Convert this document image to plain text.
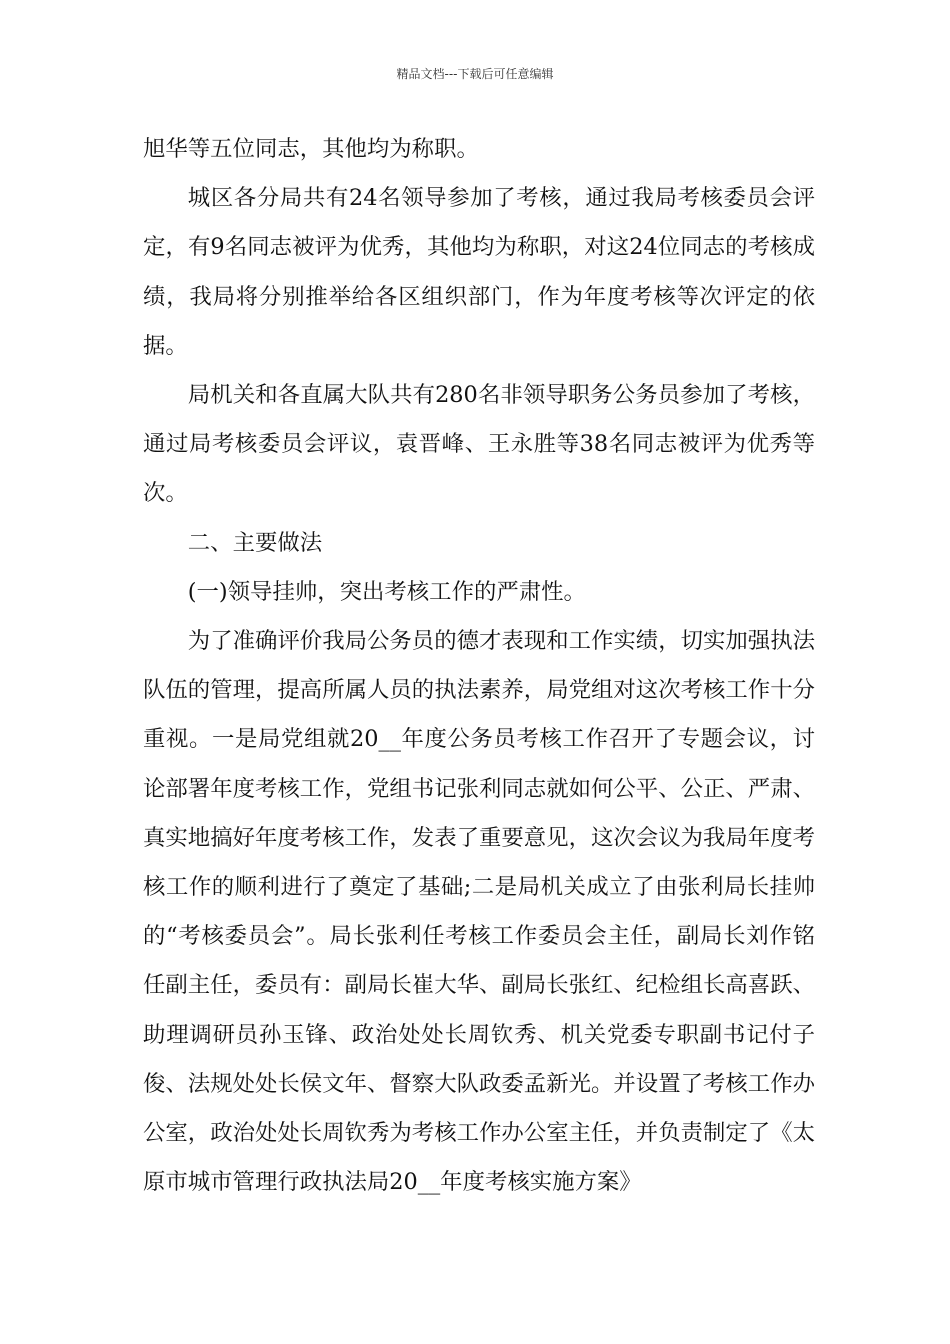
精品文档---下载后可任意编辑

旭华等五位同志，其他均为称职。

城区各分局共有24名领导参加了考核，通过我局考核委员会评定，有9名同志被评为优秀，其他均为称职，对这24位同志的考核成绩，我局将分别推举给各区组织部门，作为年度考核等次评定的依据。

局机关和各直属大队共有280名非领导职务公务员参加了考核，通过局考核委员会评议，袁晋峰、王永胜等38名同志被评为优秀等次。

二、主要做法

(一)领导挂帅，突出考核工作的严肃性。

为了准确评价我局公务员的德才表现和工作实绩，切实加强执法队伍的管理，提高所属人员的执法素养，局党组对这次考核工作十分重视。一是局党组就20__年度公务员考核工作召开了专题会议，讨论部署年度考核工作，党组书记张利同志就如何公平、公正、严肃、真实地搞好年度考核工作，发表了重要意见，这次会议为我局年度考核工作的顺利进行了奠定了基础;二是局机关成立了由张利局长挂帅的“考核委员会”。局长张利任考核工作委员会主任，副局长刘作铭任副主任，委员有：副局长崔大华、副局长张红、纪检组长高喜跃、助理调研员孙玉锋、政治处处长周钦秀、机关党委专职副书记付子俊、法规处处长侯文年、督察大队政委孟新光。并设置了考核工作办公室，政治处处长周钦秀为考核工作办公室主任，并负责制定了《太原市城市管理行政执法局20__年度考核实施方案》
